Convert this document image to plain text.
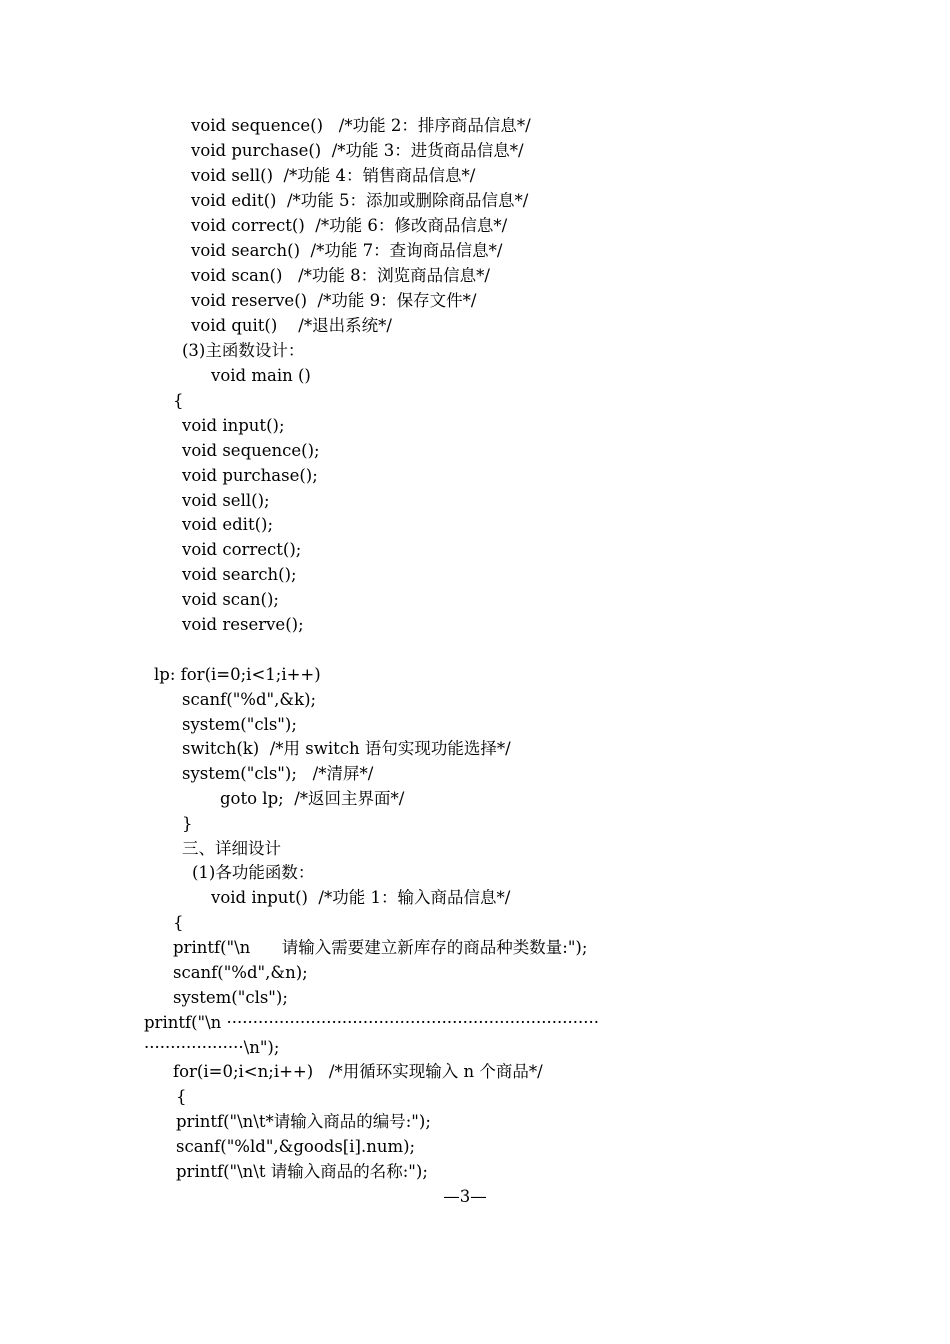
void sequence()   /*功能 2：排序商品信息*/
void purchase()  /*功能 3：进货商品信息*/
void sell()  /*功能 4：销售商品信息*/
void edit()  /*功能 5：添加或删除商品信息*/
void correct()  /*功能 6：修改商品信息*/
void search()  /*功能 7：查询商品信息*/
void scan()   /*功能 8：浏览商品信息*/
void reserve()  /*功能 9：保存文件*/
void quit()    /*退出系统*/
(3)主函数设计：
void main ()
{
void input();
void sequence();
void purchase();
void sell();
void edit();
void correct();
void search();
void scan();
void reserve();
lp: for(i=0;i<1;i++)
scanf("%d",&k);
system("cls");
switch(k)  /*用 switch 语句实现功能选择*/
system("cls");   /*清屏*/
goto lp;  /*返回主界面*/
}
三、详细设计
(1)各功能函数：
void input()  /*功能 1：输入商品信息*/
{
printf("\n      请输入需要建立新库存的商品种类数量:");
scanf("%d",&n);
system("cls");
printf("\n ·······································································
···················\n");
for(i=0;i<n;i++)   /*用循环实现输入 n 个商品*/
{
printf("\n\t*请输入商品的编号:");
scanf("%ld",&goods[i].num);
printf("\n\t 请输入商品的名称:");
—3—
